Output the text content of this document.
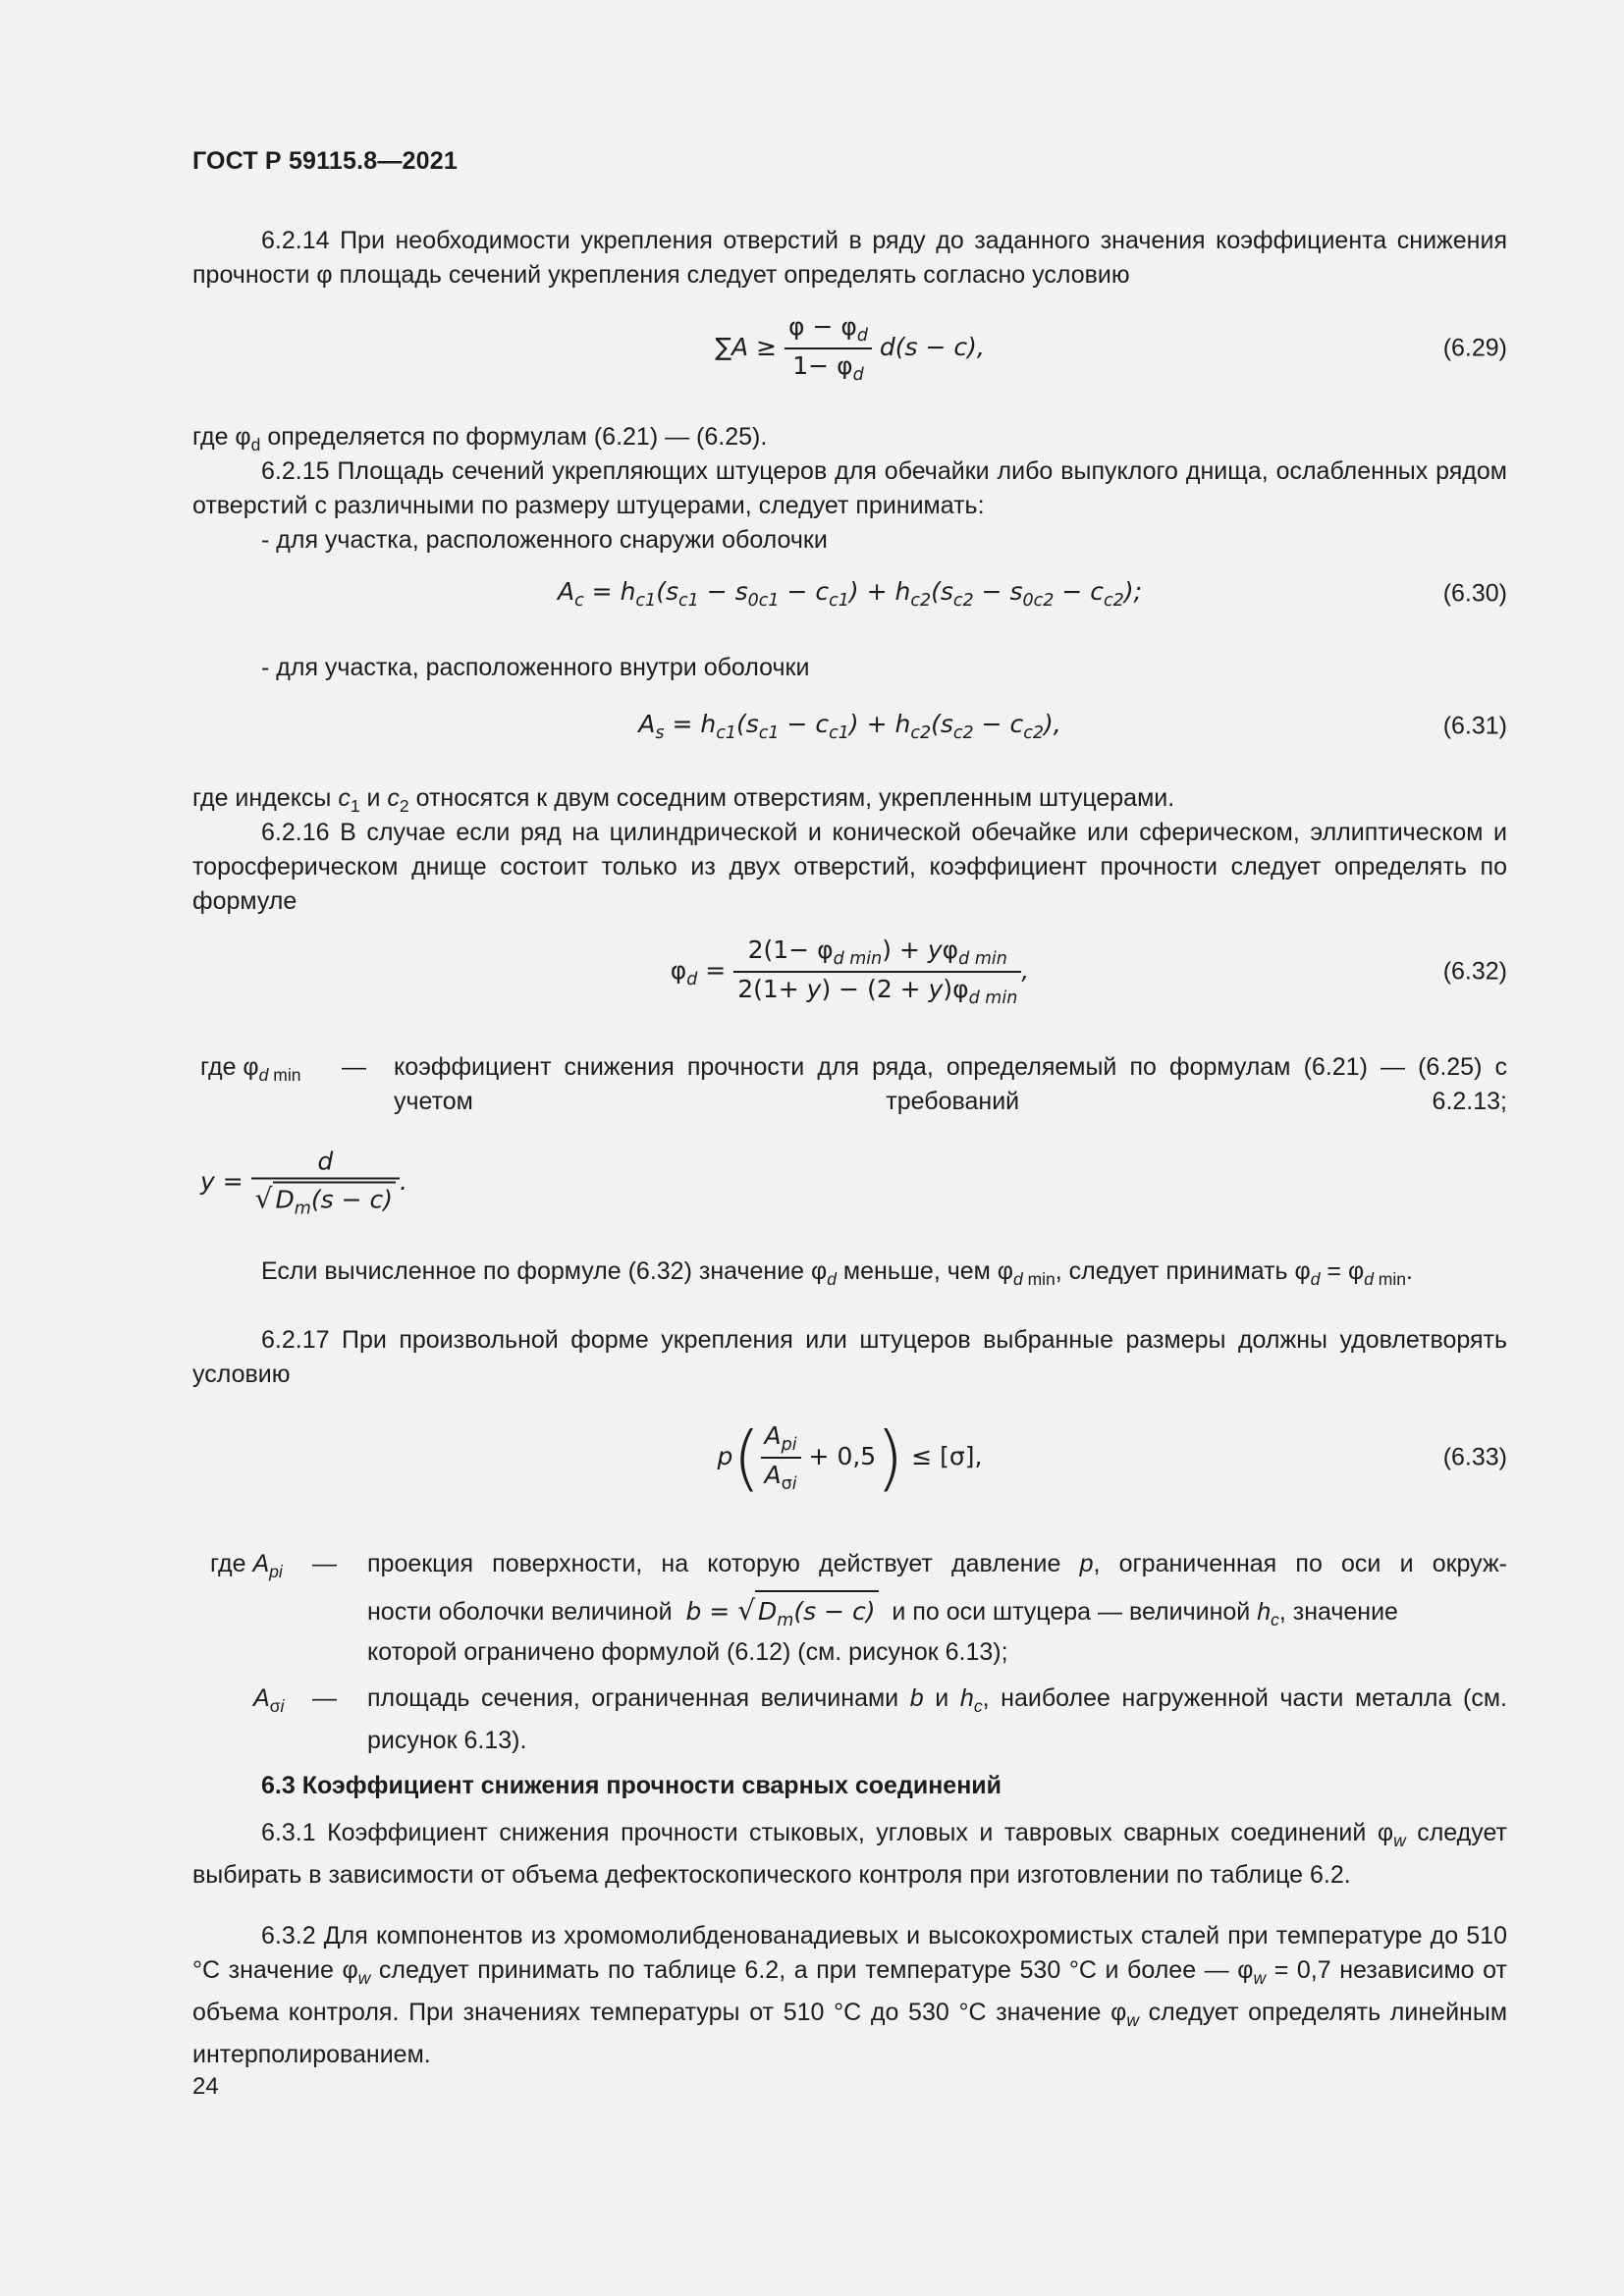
ГОСТ Р 59115.8—2021
6.2.14 При необходимости укрепления отверстий в ряду до заданного значения коэффициента снижения прочности φ площадь сечений укрепления следует определять согласно условию
$\sum A \ge \frac{\varphi - \varphi_d}{1- \varphi_d} d(s - c)$,	(6.29)
где $\varphi_d$ определяется по формулам (6.21) — (6.25).
6.2.15 Площадь сечений укрепляющих штуцеров для обечайки либо выпуклого днища, ослабленных рядом отверстий с различными по размеру штуцерами, следует принимать:
- для участка, расположенного снаружи оболочки
$A_c = h_{c1}(s_{c1} - s_{0c1} - c_{c1}) + h_{c2}(s_{c2} - s_{0c2} - c_{c2})$;	(6.30)
- для участка, расположенного внутри оболочки
$A_s = h_{c1}(s_{c1} - c_{c1}) + h_{c2}(s_{c2} - c_{c2})$,	(6.31)
где индексы $c_1$ и $c_2$ относятся к двум соседним отверстиям, укрепленным штуцерами.
6.2.16 В случае если ряд на цилиндрической и конической обечайке или сферическом, эллиптическом и торосферическом днище состоит только из двух отверстий, коэффициент прочности следует определять по формуле
$\varphi_d = \frac{2(1- \varphi_{d min}) + y\varphi_{d min}}{2(1+ y) - (2 + y)\varphi_{d min}}$ ,	(6.32)
где $\varphi_{d min}$	— коэффициент снижения прочности для ряда, определяемый по формулам (6.21) — (6.25) с учетом требований 6.2.13;
$y = \frac{d}{√ D_m(s - c)}$ .
Если вычисленное по формуле (6.32) значение $\varphi_d$ меньше, чем $\varphi_{d min}$, следует принимать $\varphi_d = \varphi_{d min}$.
6.2.17 При произвольной форме укрепления или штуцеров выбранные размеры должны удовлетворять условию
$p( \frac{A_{pi}}{A_{\sigma i}} + 0,5) \le [\sigma]$,	(6.33)
где $A_{pi}$	— проекция поверхности, на которую действует давление p, ограниченная по оси и окруж-
ности оболочки величиной b = √ $D_m(s - c)$ и по оси штуцера — величиной $h_c$, значение
которой ограничено формулой (6.12) (см. рисунок 6.13);
$A_{\sigma i}$	— площадь сечения, ограниченная величинами b и $h_c$, наиболее нагруженной части металла (см. рисунок 6.13).
6.3 Коэффициент снижения прочности сварных соединений
6.3.1 Коэффициент снижения прочности стыковых, угловых и тавровых сварных соединений $\varphi_w$ следует выбирать в зависимости от объема дефектоскопического контроля при изготовлении по таблице 6.2.
6.3.2 Для компонентов из хромомолибденованадиевых и высокохромистых сталей при температуре до 510 °C значение $\varphi_w$ следует принимать по таблице 6.2, а при температуре 530 °C и более — $\varphi_w = 0,7$ независимо от объема контроля. При значениях температуры от 510 °C до 530 °C значение $\varphi_w$ следует определять линейным интерполированием.
24
